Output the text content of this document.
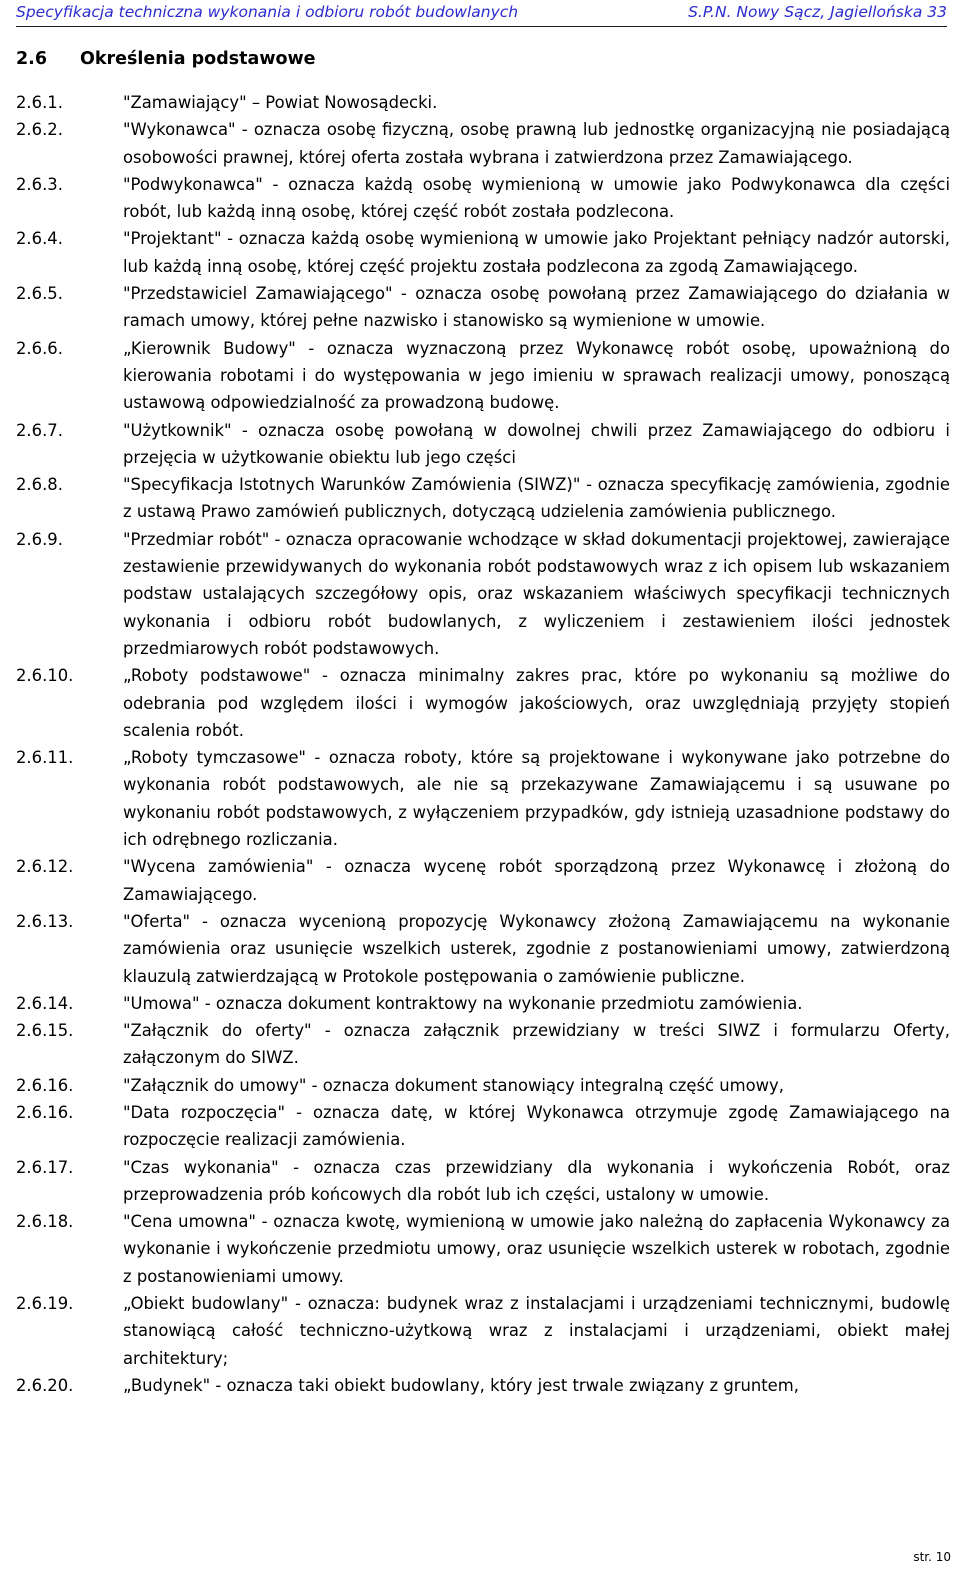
Specyfikacja techniczna wykonania i odbioru robót budowlanych	S.P.N. Nowy Sącz, Jagiellońska 33
2.6 Określenia podstawowe
2.6.1.	"Zamawiający" – Powiat Nowosądecki.
2.6.2.	"Wykonawca" - oznacza osobę fizyczną, osobę prawną lub jednostkę organizacyjną nie posiadającą osobowości prawnej, której oferta została wybrana i zatwierdzona przez Zamawiającego.
2.6.3.	"Podwykonawca" - oznacza każdą osobę wymienioną w umowie jako Podwykonawca dla części robót, lub każdą inną osobę, której część robót została podzlecona.
2.6.4.	"Projektant" - oznacza każdą osobę wymienioną w umowie jako Projektant pełniący nadzór autorski, lub każdą inną osobę, której część projektu została podzlecona za zgodą Zamawiającego.
2.6.5.	"Przedstawiciel Zamawiającego" - oznacza osobę powołaną przez Zamawiającego do działania w ramach umowy, której pełne nazwisko i stanowisko są wymienione w umowie.
2.6.6.	„Kierownik Budowy" - oznacza wyznaczoną przez Wykonawcę robót osobę, upoważnioną do kierowania robotami i do występowania w jego imieniu w sprawach realizacji umowy, ponoszącą ustawową odpowiedzialność za prowadzoną budowę.
2.6.7.	"Użytkownik" - oznacza osobę powołaną w dowolnej chwili przez Zamawiającego do odbioru i przejęcia w użytkowanie obiektu lub jego części
2.6.8.	"Specyfikacja Istotnych Warunków Zamówienia (SIWZ)" - oznacza specyfikację zamówienia, zgodnie z ustawą Prawo zamówień publicznych, dotyczącą udzielenia zamówienia publicznego.
2.6.9.	"Przedmiar robót" - oznacza opracowanie wchodzące w skład dokumentacji projektowej, zawierające zestawienie przewidywanych do wykonania robót podstawowych wraz z ich opisem lub wskazaniem podstaw ustalających szczegółowy opis, oraz wskazaniem właściwych specyfikacji technicznych wykonania i odbioru robót budowlanych, z wyliczeniem i zestawieniem ilości jednostek przedmiarowych robót podstawowych.
2.6.10.	„Roboty podstawowe" - oznacza minimalny zakres prac, które po wykonaniu są możliwe do odebrania pod względem ilości i wymogów jakościowych, oraz uwzględniają przyjęty stopień scalenia robót.
2.6.11.	„Roboty tymczasowe" - oznacza roboty, które są projektowane i wykonywane jako potrzebne do wykonania robót podstawowych, ale nie są przekazywane Zamawiającemu i są usuwane po wykonaniu robót podstawowych, z wyłączeniem przypadków, gdy istnieją uzasadnione podstawy do ich odrębnego rozliczania.
2.6.12.	"Wycena zamówienia" - oznacza wycenę robót sporządzoną przez Wykonawcę i złożoną do Zamawiającego.
2.6.13.	"Oferta" - oznacza wycenioną propozycję Wykonawcy złożoną Zamawiającemu na wykonanie zamówienia oraz usunięcie wszelkich usterek, zgodnie z postanowieniami umowy, zatwierdzoną klauzulą zatwierdzającą w Protokole postępowania o zamówienie publiczne.
2.6.14.	"Umowa" - oznacza dokument kontraktowy na wykonanie przedmiotu zamówienia.
2.6.15.	"Załącznik do oferty" - oznacza załącznik przewidziany w treści SIWZ i formularzu Oferty, załączonym do SIWZ.
2.6.16.	"Załącznik do umowy" - oznacza dokument stanowiący integralną część umowy,
2.6.16.	"Data rozpoczęcia" - oznacza datę, w której Wykonawca otrzymuje zgodę Zamawiającego na rozpoczęcie realizacji zamówienia.
2.6.17.	"Czas wykonania" - oznacza czas przewidziany dla wykonania i wykończenia Robót, oraz przeprowadzenia prób końcowych dla robót lub ich części, ustalony w umowie.
2.6.18.	"Cena umowna" - oznacza kwotę, wymienioną w umowie jako należną do zapłacenia Wykonawcy za wykonanie i wykończenie przedmiotu umowy, oraz usunięcie wszelkich usterek w robotach, zgodnie z postanowieniami umowy.
2.6.19.	„Obiekt budowlany" - oznacza: budynek wraz z instalacjami i urządzeniami technicznymi, budowlę stanowiącą całość techniczno-użytkową wraz z instalacjami i urządzeniami, obiekt małej architektury;
2.6.20.	„Budynek" - oznacza taki obiekt budowlany, który jest trwale związany z gruntem,
str. 10
